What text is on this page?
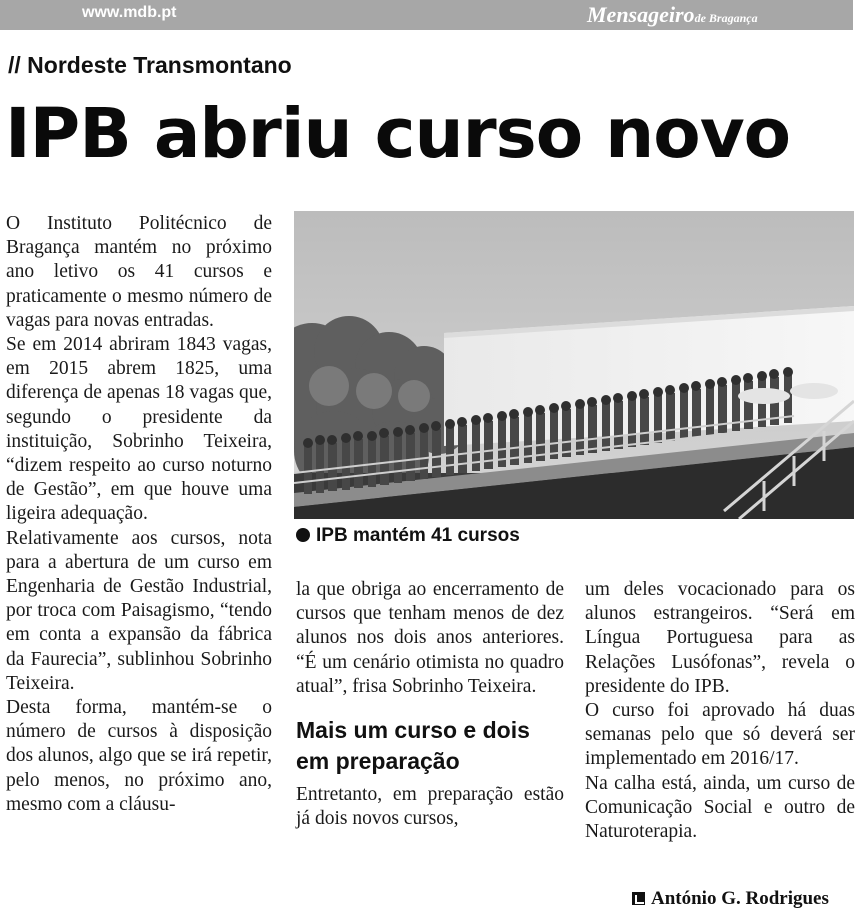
www.mdb.pt	Mensageirode Bragança
// Nordeste Transmontano
IPB abriu curso novo

O Instituto Politécnico de Bragança mantém no próximo ano letivo os 41 cursos e praticamente o mesmo número de vagas para novas entradas.

Se em 2014 abriram 1843 vagas, em 2015 abrem 1825, uma diferença de apenas 18 vagas que, segundo o presidente da instituição, Sobrinho Teixeira, “dizem respeito ao curso noturno de Gestão”, em que houve uma ligeira adequação.

Relativamente aos cursos, nota para a abertura de um curso em Engenharia de Gestão Industrial, por troca com Paisagismo, “tendo em conta a expansão da fábrica da Faurecia”, sublinhou Sobrinho Teixeira.

Desta forma, mantém-se o número de cursos à disposição dos alunos, algo que se irá repetir, pelo menos, no próximo ano, mesmo com a cláusu-

IPB mantém 41 cursos

la que obriga ao encerramento de cursos que tenham menos de dez alunos nos dois anos anteriores. “É um cenário otimista no quadro atual”, frisa Sobrinho Teixeira.

Mais um curso e dois em preparação

Entretanto, em preparação estão já dois novos cursos,

um deles vocacionado para os alunos estrangeiros. “Será em Língua Portuguesa para as Relações Lusófonas”, revela o presidente do IPB.

O curso foi aprovado há duas semanas pelo que só deverá ser implementado em 2016/17.

Na calha está, ainda, um curso de Comunicação Social e outro de Naturoterapia.

António G. Rodrigues
